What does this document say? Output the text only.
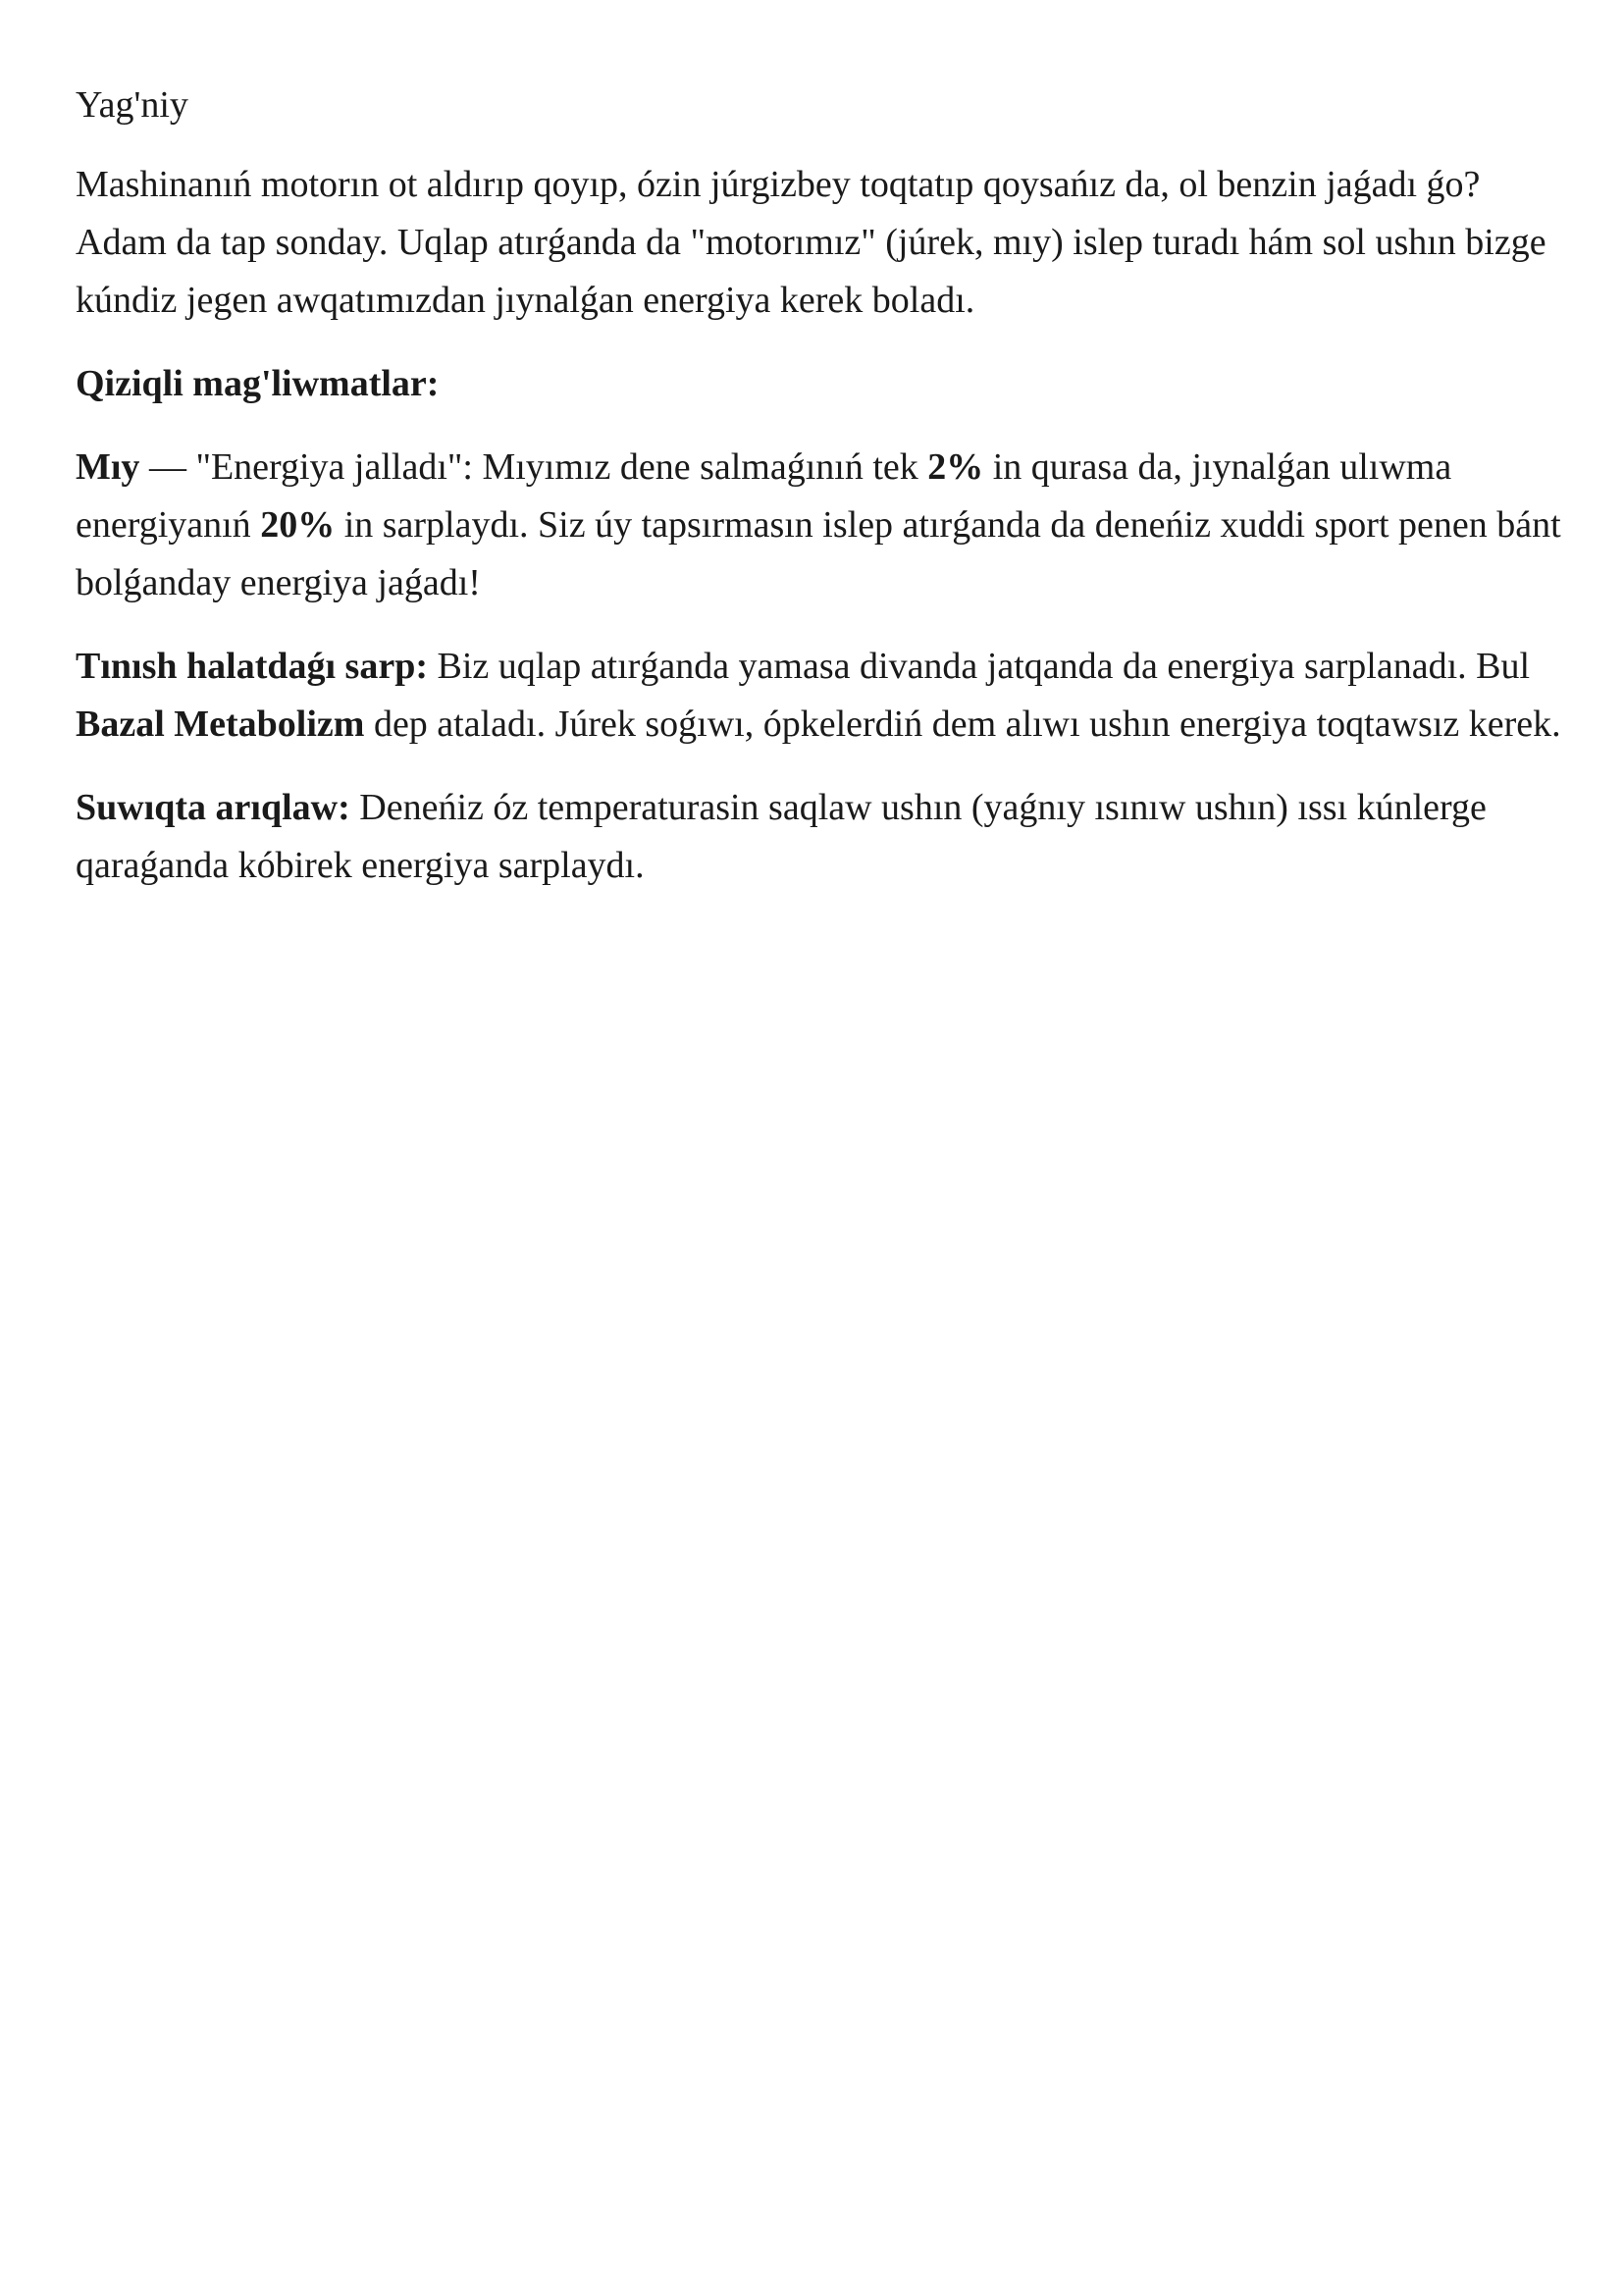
Yag'niy

Mashinanıń motorın ot aldırıp qoyıp, ózin júrgizbey toqtatıp qoysańız da, ol benzin jaǵadı ǵo? Adam da tap sonday. Uqlap atırǵanda da "motorımız" (júrek, mıy) islep turadı hám sol ushın bizge kúndiz jegen awqatımızdan jıynalǵan energiya kerek boladı.

Qiziqli mag'liwmatlar:

Mıy — "Energiya jalladı": Mıyımız dene salmaǵınıń tek 2% in qurasa da, jıynalǵan ulıwma energiyanıń 20% in sarplaydı. Siz úy tapsırmasın islep atırǵanda da deneńiz xuddi sport penen bánt bolǵanday energiya jaǵadı!

Tınısh halatdaǵı sarp: Biz uqlap atırǵanda yamasa divanda jatqanda da energiya sarplanadı. Bul Bazal Metabolizm dep ataladı. Júrek soǵıwı, ópkelerdiń dem alıwı ushın energiya toqtawsız kerek.

Suwıqta arıqlaw: Deneńiz óz temperaturasin saqlaw ushın (yaǵnıy ısınıw ushın) ıssı kúnlerge qaraǵanda kóbirek energiya sarplaydı.
